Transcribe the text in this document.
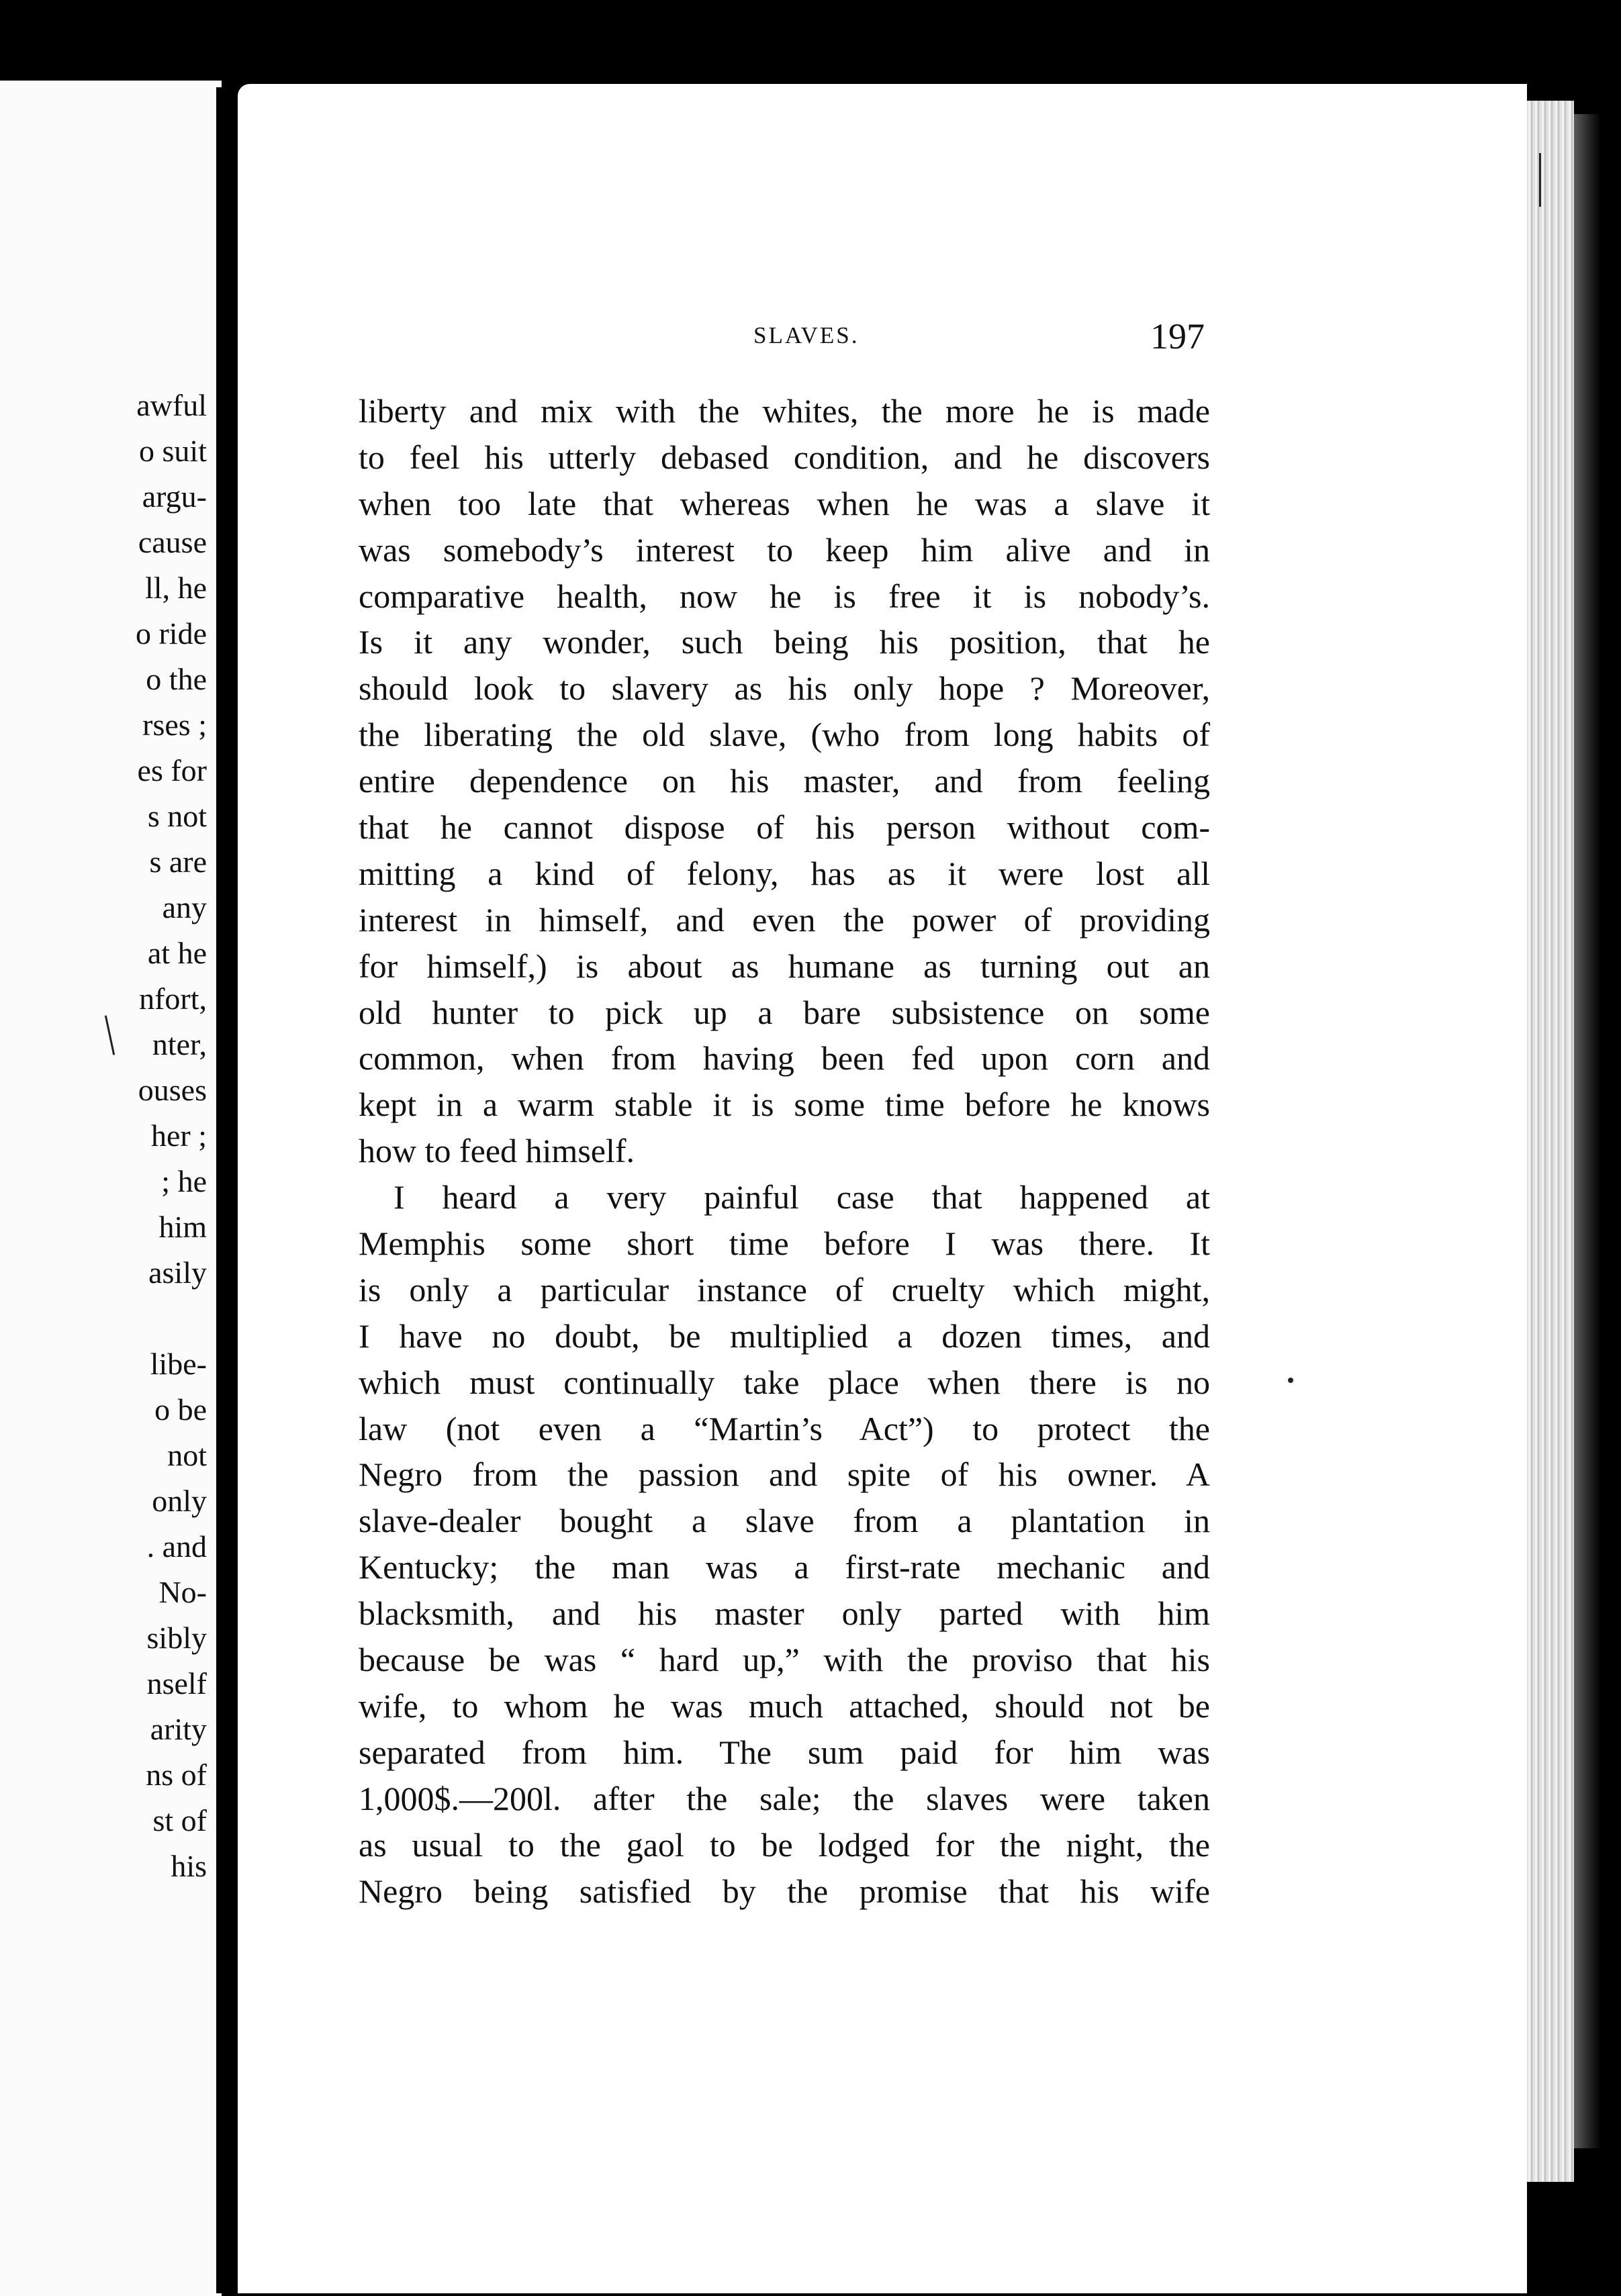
awful
o suit
argu-
cause
ll, he
o ride
o the
rses ;
es for
s not
s are
any
at he
nfort,
nter,
ouses
her ;
; he
him
asily
libe-
o be
not
only
. and
No-
sibly
nself
arity
ns of
st of
his
SLAVES.	197
liberty and mix with the whites, the more he is made
to feel his utterly debased condition, and he discovers
when too late that whereas when he was a slave it
was somebody’s interest to keep him alive and in
comparative health, now he is free it is nobody’s.
Is it any wonder, such being his position, that he
should look to slavery as his only hope ? Moreover,
the liberating the old slave, (who from long habits of
entire dependence on his master, and from feeling
that he cannot dispose of his person without com-
mitting a kind of felony, has as it were lost all
interest in himself, and even the power of providing
for himself,) is about as humane as turning out an
old hunter to pick up a bare subsistence on some
common, when from having been fed upon corn and
kept in a warm stable it is some time before he knows
how to feed himself.
I heard a very painful case that happened at
Memphis some short time before I was there. It
is only a particular instance of cruelty which might,
I have no doubt, be multiplied a dozen times, and
which must continually take place when there is no
law (not even a “Martin’s Act”) to protect the
Negro from the passion and spite of his owner. A
slave-dealer bought a slave from a plantation in
Kentucky; the man was a first-rate mechanic and
blacksmith, and his master only parted with him
because be was “ hard up,” with the proviso that his
wife, to whom he was much attached, should not be
separated from him. The sum paid for him was
1,000$.—200l. after the sale; the slaves were taken
as usual to the gaol to be lodged for the night, the
Negro being satisfied by the promise that his wife
